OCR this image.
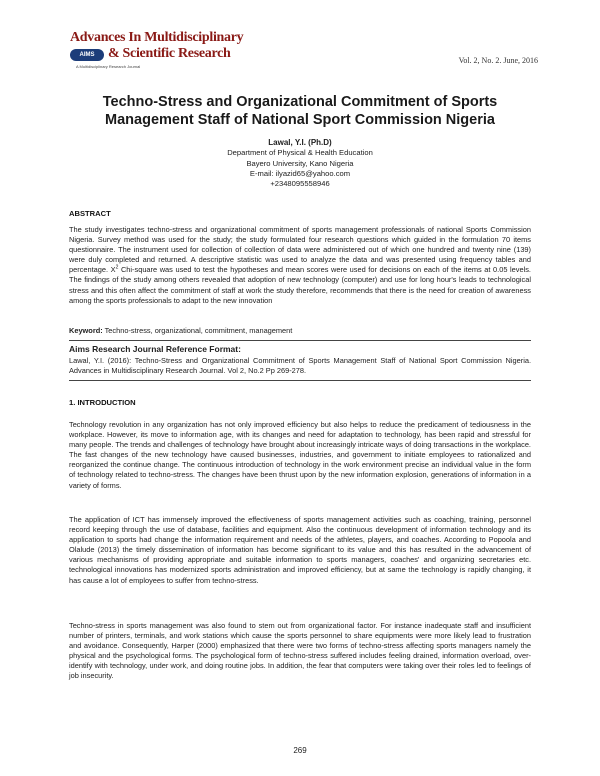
Advances In Multidisciplinary
AIMS & Scientific Research
A Multidisciplinary Research Journal
Vol. 2, No. 2. June, 2016
Techno-Stress and Organizational Commitment of Sports Management Staff of National Sport Commission Nigeria
Lawal, Y.I. (Ph.D)
Department of Physical & Health Education
Bayero University, Kano Nigeria
E-mail: ilyazid65@yahoo.com
+2348095558946
ABSTRACT
The study investigates techno-stress and organizational commitment of sports management professionals of national Sports Commission Nigeria. Survey method was used for the study; the study formulated four research questions which guided in the formulation 70 items questionnaire. The instrument used for collection of collection of data were administered out of which one hundred and twenty nine (139) were duly completed and returned. A descriptive statistic was used to analyze the data and was presented using frequency tables and percentage. $X^2$ Chi-square was used to test the hypotheses and mean scores were used for decisions on each of the items at 0.05 levels. The findings of the study among others revealed that adoption of new technology (computer) and use for long hour's leads to technological stress and this often affect the commitment of staff at work the study therefore, recommends that there is the need for creation of awareness among the sports professionals to adapt to the new innovation
Keyword: Techno-stress, organizational, commitment, management
Aims Research Journal Reference Format:
Lawal, Y.I. (2016): Techno-Stress and Organizational Commitment of Sports Management Staff of National Sport Commission Nigeria. Advances in Multidisciplinary Research Journal. Vol 2, No.2 Pp 269-278.
1. INTRODUCTION
Technology revolution in any organization has not only improved efficiency but also helps to reduce the predicament of tediousness in the workplace. However, its move to information age, with its changes and need for adaptation to technology, has been rapid and stressful for many people. The trends and challenges of technology have brought about increasingly intricate ways of doing transactions in the workplace. The fast changes of the new technology have caused businesses, industries, and government to initiate employees to rationalized and reorganized the continue change. The continuous introduction of technology in the work environment precise an individual value in the form of technology related to techno-stress. The changes have been thrust upon by the new information explosion, generations of information in a variety of forms.
The application of ICT has immensely improved the effectiveness of sports management activities such as coaching, training, personnel record keeping through the use of database, facilities and equipment. Also the continuous development of information technology and its application to sports had change the information requirement and needs of the athletes, players, and coaches. According to Popoola and Olalude (2013) the timely dissemination of information has become significant to its value and this has resulted in the advancement of various mechanisms of providing appropriate and suitable information to sports managers, coaches' and organizing secretaries etc. technological innovations has modernized sports administration and improved efficiency, but at same the technology is rapidly changing, it has cause a lot of employees to suffer from techno-stress.
Techno-stress in sports management was also found to stem out from organizational factor. For instance inadequate staff and insufficient number of printers, terminals, and work stations which cause the sports personnel to share equipments were more likely lead to frustration and avoidance. Consequently, Harper (2000) emphasized that there were two forms of techno-stress affecting sports managers namely the physical and the psychological forms. The psychological form of techno-stress suffered includes feeling drained, information overload, over-identify with technology, under work, and doing routine jobs. In addition, the fear that computers were taking over their roles led to feelings of job insecurity.
269
